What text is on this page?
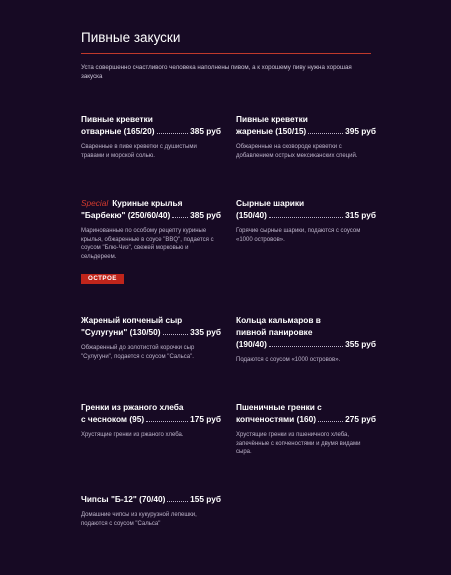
Пивные закуски
Уста совершенно счастливого человека наполнены пивом, а к хорошему пиву нужна хорошая закуска
Пивные креветки
отварные (165/20)	385 руб
Сваренные в пиве креветки с душистыми травами и морской солью.
Пивные креветки
жареные (150/15)	395 руб
Обжаренные на сковороде креветки с добавлением острых мексиканских специй.
Special Куриные крылья
"Барбекю" (250/60/40) 385 руб
Маринованные по особому рецепту куриные крылья, обжаренные в соусе "BBQ", подается с соусом "Блю-Чиз", свежей морковью и сельдереем.
Сырные шарики
(150/40)	315 руб
Горячие сырные шарики, подаются с соусом «1000 островов».
ОСТРОЕ
Жареный копченый сыр
"Сулугуни" (130/50)	335 руб
Обжаренный до золотистой корочки сыр "Сулугуни", подается с соусом "Сальса".
Кольца кальмаров в
пивной панировке
(190/40)	355 руб
Подаются с соусом «1000 островов».
Гренки из ржаного хлеба
с чесноком (95)	175 руб
Хрустящие гренки из ржаного хлеба.
Пшеничные гренки с
копченостями (160)	275 руб
Хрустящие гренки из пшеничного хлеба, запечённые с копченостями и двумя видами сыра.
Чипсы "Б-12" (70/40)	155 руб
Домашние чипсы из кукурузной лепешки, подаются с соусом "Сальса"
